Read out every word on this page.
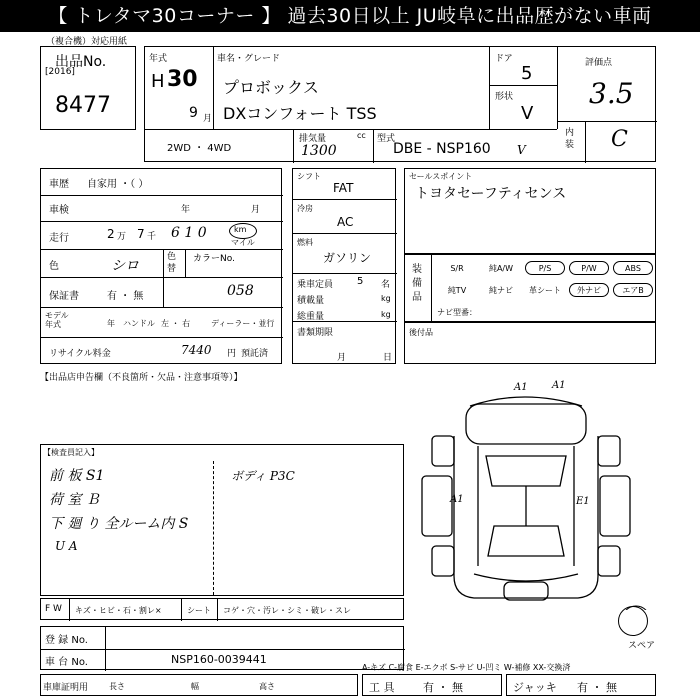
【 トレタマ30コーナー 】 過去30日以上 JU岐阜に出品歴がない車両
（複合機）対応用紙
出品No.
[2016]
8477
年式
H 30
9 月
車名・グレード
プロボックス
DXコンフォート TSS
ドア
5
形状
V
評価点
3.5
内装 C
2WD ・ 4WD
排気量	cc
1300
型式
DBE - NSP160 V
車歴 自家用 ・（ ）
車検	年	月
走行	2 万 7 千 6 1 0	km
マイル
色	シロ
色替
カラーNo.
058
保証書	有 ・ 無
モデル年式	年 ハンドル 左 ・ 右	ディーラー・並行
リサイクル料金	7440 円 預託済
シフト
FAT
冷房
AC
燃料
ガソリン
乗車定員 5 名
積載量	kg
総重量	kg
書類期限
月	日
セールスポイント
トヨタセーフティセンス
装備品
ナビ型番：
S/R	純A/W	P/S	P/W	ABS
純TV	純ナビ	革シート	外ナビ	エアB
後付品
【出品店申告欄（不良箇所・欠品・注意事項等）】
【検査員記入】
前 板 S1
荷 室 Ｂ
下 廻 り 全ルーム内 S
U A
ボディ P3C
A1 A1
A1	E1
スペア
F W キズ・ヒビ・石・割レ×	シート コゲ・穴・汚レ・シミ・破レ・スレ
登 録 No.
車 台 No.	NSP160-0039441
A-キズ C-腐食 E-エクボ S-サビ U-凹ミ W-補修 XX-交換済
車庫証明用	長さ	幅	高さ	工 具	有 ・ 無	ジャッキ 有 ・ 無
